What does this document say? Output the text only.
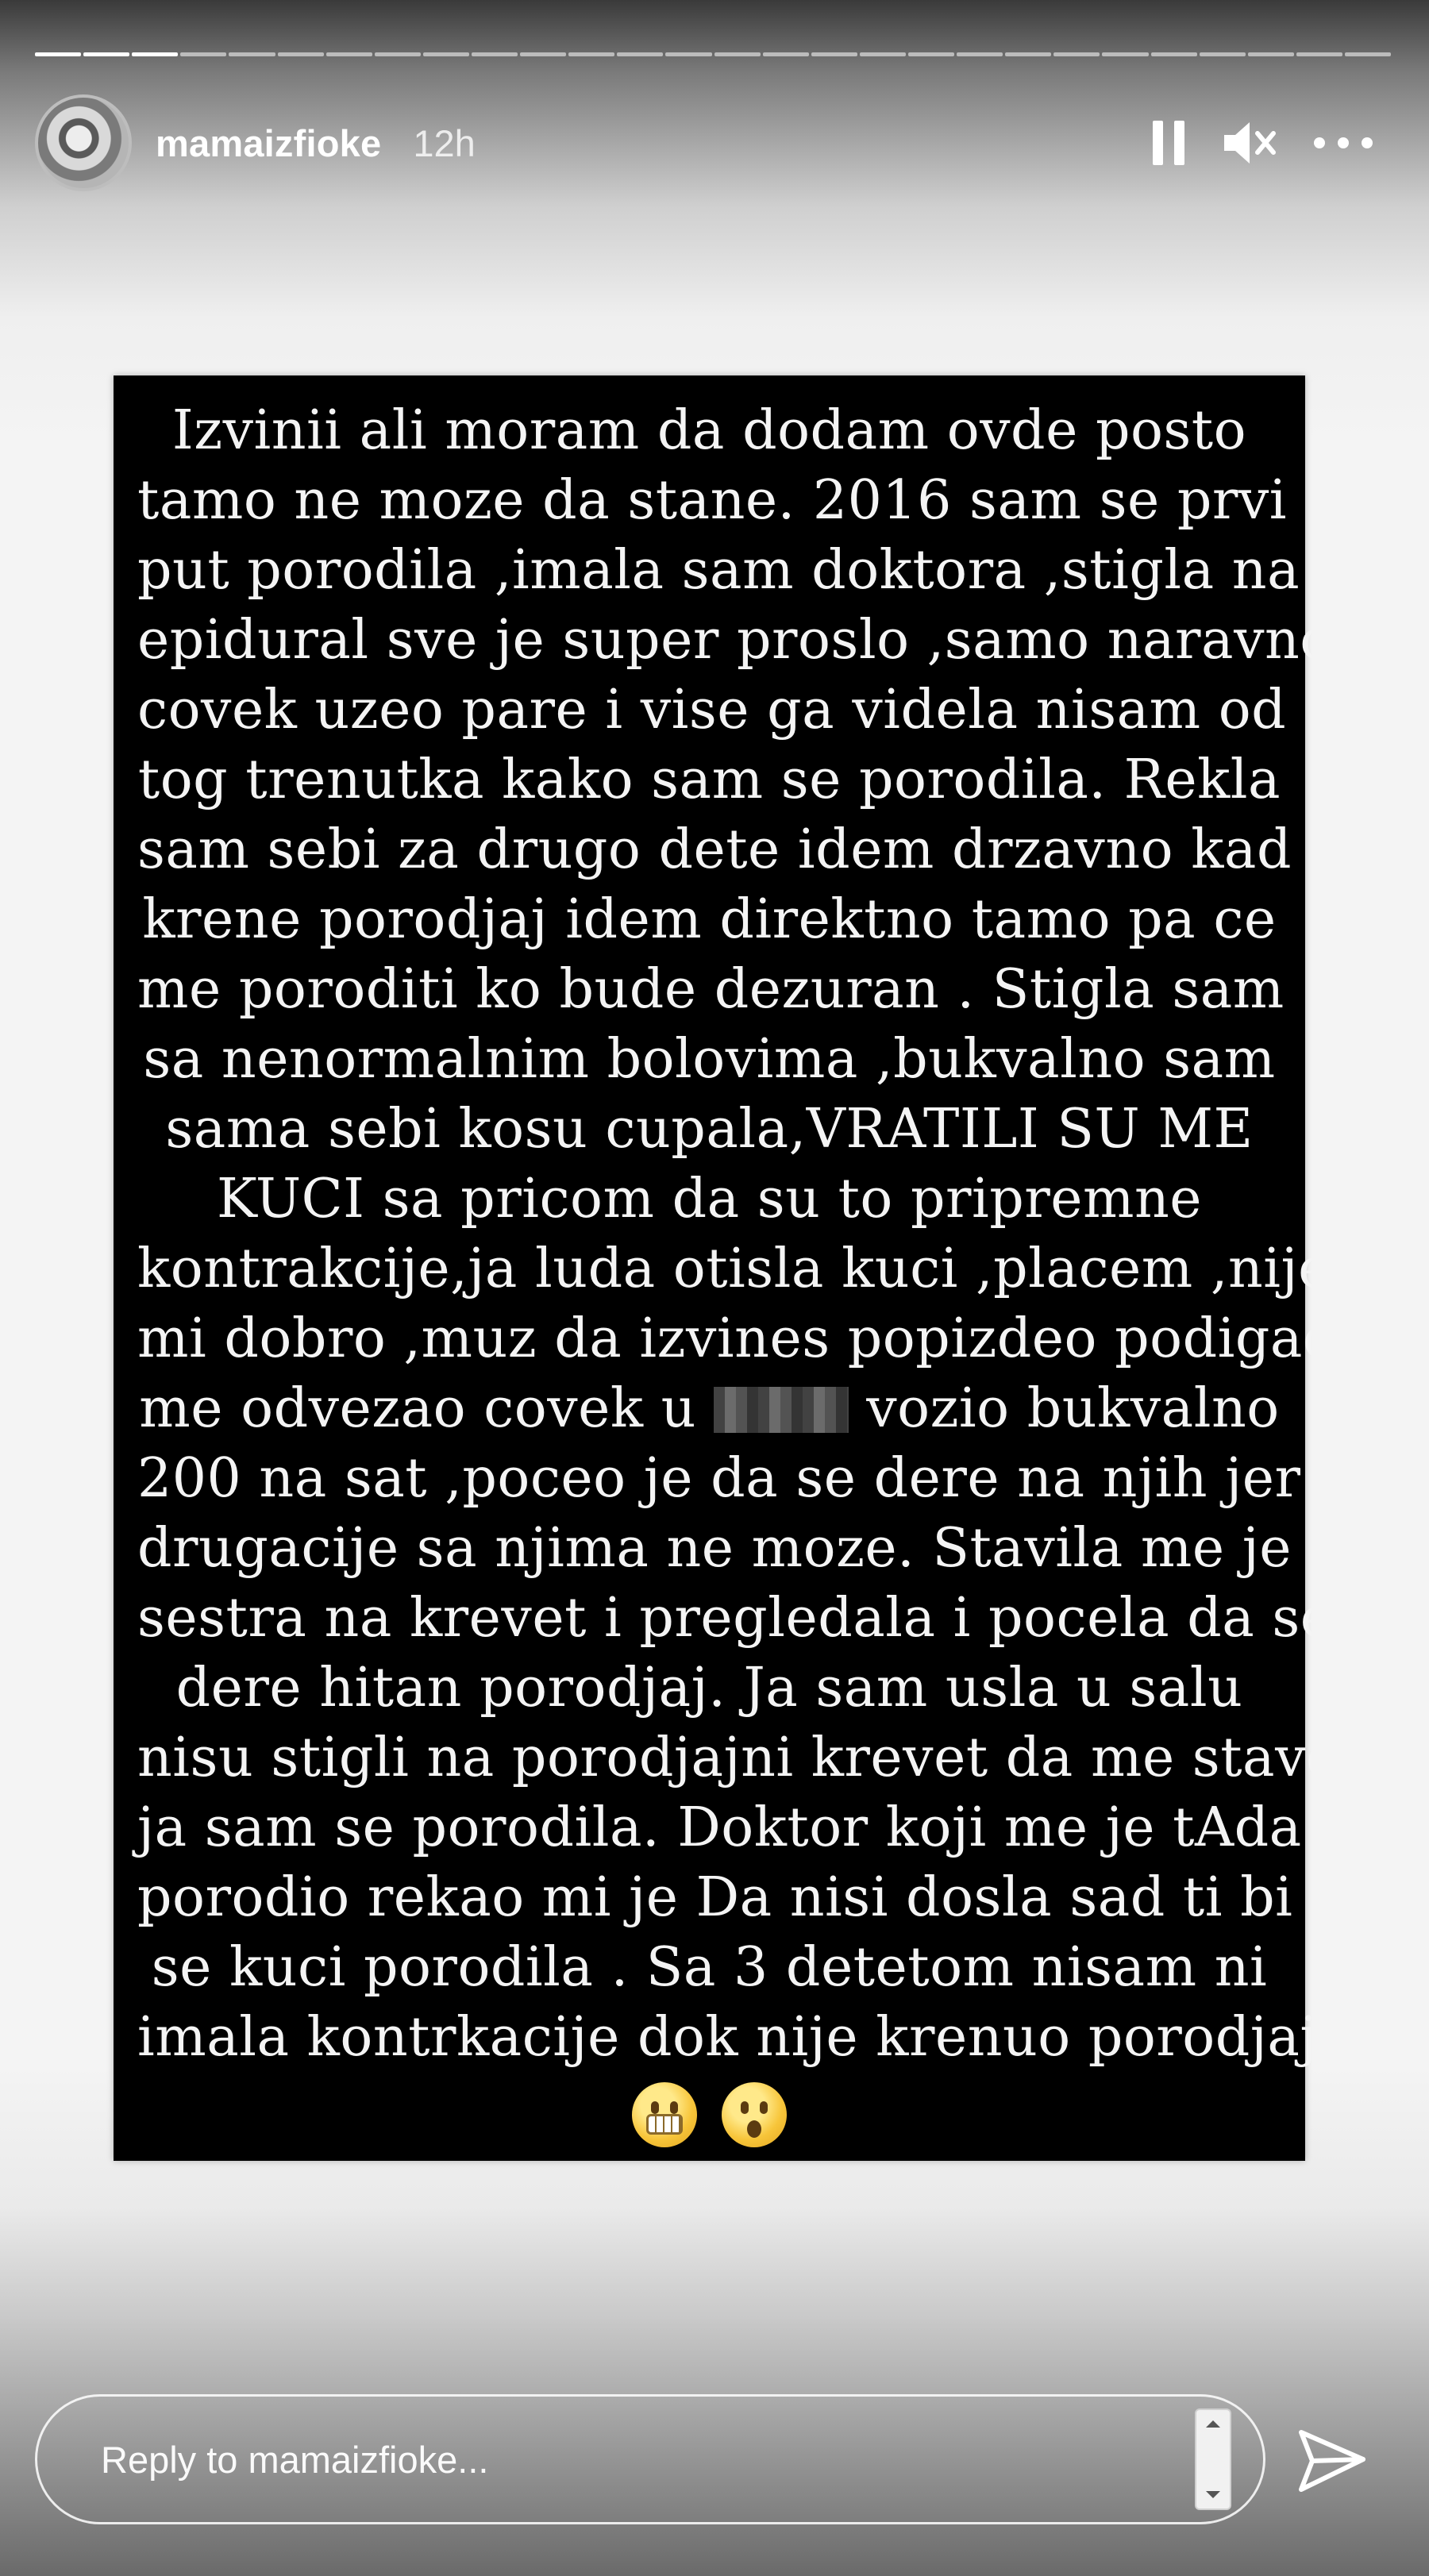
mamaizfioke 12h
Izvinii ali moram da dodam ovde posto
tamo ne moze da stane. 2016 sam se prvi
put porodila ,imala sam doktora ,stigla na
epidural sve je super proslo ,samo naravno
covek uzeo pare i vise ga videla nisam od
tog trenutka kako sam se porodila. Rekla
sam sebi za drugo dete idem drzavno kad
krene porodjaj idem direktno tamo pa ce
me poroditi ko bude dezuran . Stigla sam
sa nenormalnim bolovima ,bukvalno sam
sama sebi kosu cupala,VRATILI SU ME
KUCI sa pricom da su to pripremne
kontrakcije,ja luda otisla kuci ,placem ,nije
mi dobro ,muz da izvines popizdeo podigao
me odvezao covek u	vozio bukvalno
200 na sat ,poceo je da se dere na njih jer
drugacije sa njima ne moze. Stavila me je
sestra na krevet i pregledala i pocela da se
dere hitan porodjaj. Ja sam usla u salu
nisu stigli na porodjajni krevet da me stave
ja sam se porodila. Doktor koji me je tAda
porodio rekao mi je Da nisi dosla sad ti bi
se kuci porodila . Sa 3 detetom nisam ni
imala kontrkacije dok nije krenuo porodjaj

Reply to mamaizfioke...
